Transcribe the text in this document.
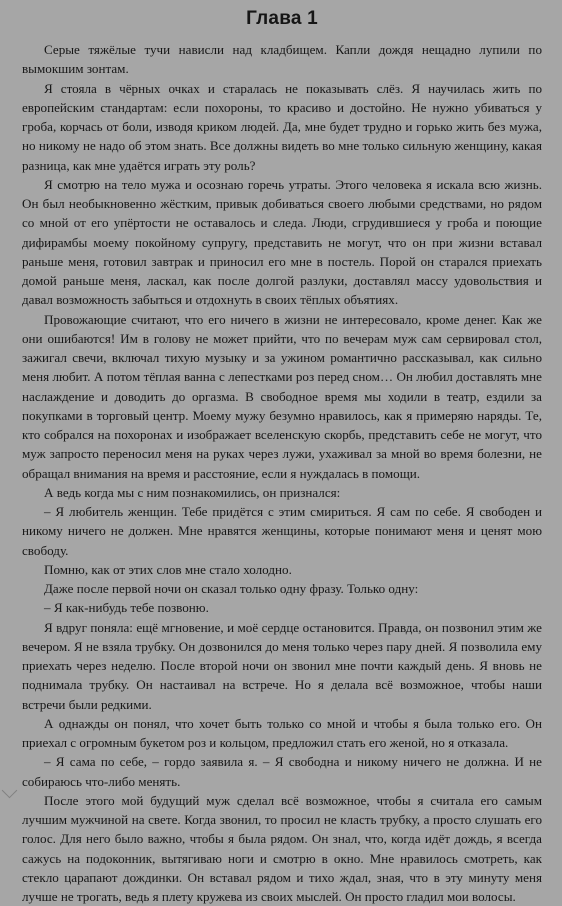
Глава 1

Серые тяжёлые тучи нависли над кладбищем. Капли дождя нещадно лупили по вымокшим зонтам.

Я стояла в чёрных очках и старалась не показывать слёз. Я научилась жить по европейским стандартам: если похороны, то красиво и достойно. Не нужно убиваться у гроба, корчась от боли, изводя криком людей. Да, мне будет трудно и горько жить без мужа, но никому не надо об этом знать. Все должны видеть во мне только сильную женщину, какая разница, как мне удаётся играть эту роль?

Я смотрю на тело мужа и осознаю горечь утраты. Этого человека я искала всю жизнь. Он был необыкновенно жёстким, привык добиваться своего любыми средствами, но рядом со мной от его упёртости не оставалось и следа. Люди, сгрудившиеся у гроба и поющие дифирамбы моему покойному супругу, представить не могут, что он при жизни вставал раньше меня, готовил завтрак и приносил его мне в постель. Порой он старался приехать домой раньше меня, ласкал, как после долгой разлуки, доставлял массу удовольствия и давал возможность забыться и отдохнуть в своих тёплых объятиях.

Провожающие считают, что его ничего в жизни не интересовало, кроме денег. Как же они ошибаются! Им в голову не может прийти, что по вечерам муж сам сервировал стол, зажигал свечи, включал тихую музыку и за ужином романтично рассказывал, как сильно меня любит. А потом тёплая ванна с лепестками роз перед сном… Он любил доставлять мне наслаждение и доводить до оргазма. В свободное время мы ходили в театр, ездили за покупками в торговый центр. Моему мужу безумно нравилось, как я примеряю наряды. Те, кто собрался на похоронах и изображает вселенскую скорбь, представить себе не могут, что муж запросто переносил меня на руках через лужи, ухаживал за мной во время болезни, не обращал внимания на время и расстояние, если я нуждалась в помощи.

А ведь когда мы с ним познакомились, он признался:

– Я любитель женщин. Тебе придётся с этим смириться. Я сам по себе. Я свободен и никому ничего не должен. Мне нравятся женщины, которые понимают меня и ценят мою свободу.

Помню, как от этих слов мне стало холодно.

Даже после первой ночи он сказал только одну фразу. Только одну:

– Я как-нибудь тебе позвоню.

Я вдруг поняла: ещё мгновение, и моё сердце остановится. Правда, он позвонил этим же вечером. Я не взяла трубку. Он дозвонился до меня только через пару дней. Я позволила ему приехать через неделю. После второй ночи он звонил мне почти каждый день. Я вновь не поднимала трубку. Он настаивал на встрече. Но я делала всё возможное, чтобы наши встречи были редкими.

А однажды он понял, что хочет быть только со мной и чтобы я была только его. Он приехал с огромным букетом роз и кольцом, предложил стать его женой, но я отказала.

– Я сама по себе, – гордо заявила я. – Я свободна и никому ничего не должна. И не собираюсь что-либо менять.

После этого мой будущий муж сделал всё возможное, чтобы я считала его самым лучшим мужчиной на свете. Когда звонил, то просил не класть трубку, а просто слушать его голос. Для него было важно, чтобы я была рядом. Он знал, что, когда идёт дождь, я всегда сажусь на подоконник, вытягиваю ноги и смотрю в окно. Мне нравилось смотреть, как стекло царапают дождинки. Он вставал рядом и тихо ждал, зная, что в эту минуту меня лучше не трогать, ведь я плету кружева из своих мыслей. Он просто гладил мои волосы.
